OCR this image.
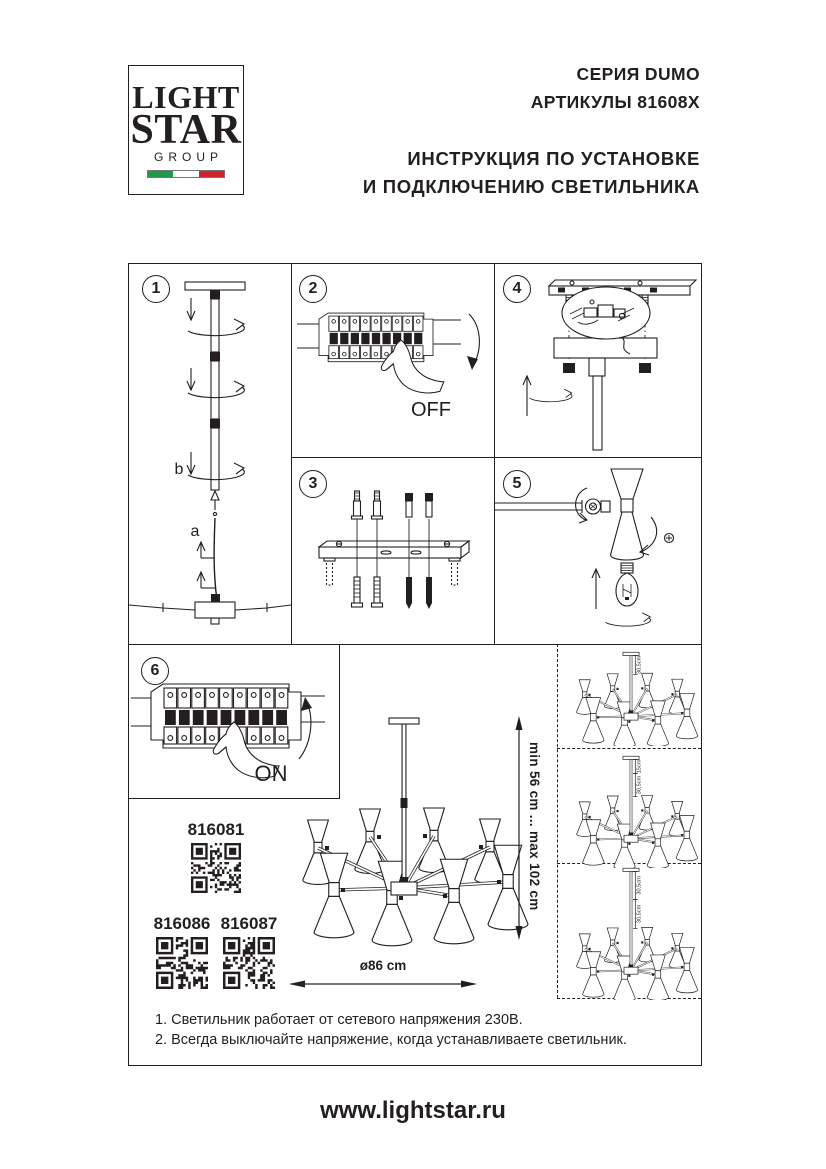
LIGHT
STAR
GROUP
СЕРИЯ DUMO
АРТИКУЛЫ 81608X
ИНСТРУКЦИЯ ПО УСТАНОВКЕ
И ПОДКЛЮЧЕНИЮ СВЕТИЛЬНИКА
1	2	4
3	5
6
b
a
OFF
ON	min 56 cm ... max 102 cm
ø86 cm
30,5cm
15cm
30,5cm
30,5cm
30,5cm
816081
816086 816087
1. Светильник работает от сетевого напряжения 230В.
2. Всегда выключайте напряжение, когда устанавливаете светильник.
www.lightstar.ru
